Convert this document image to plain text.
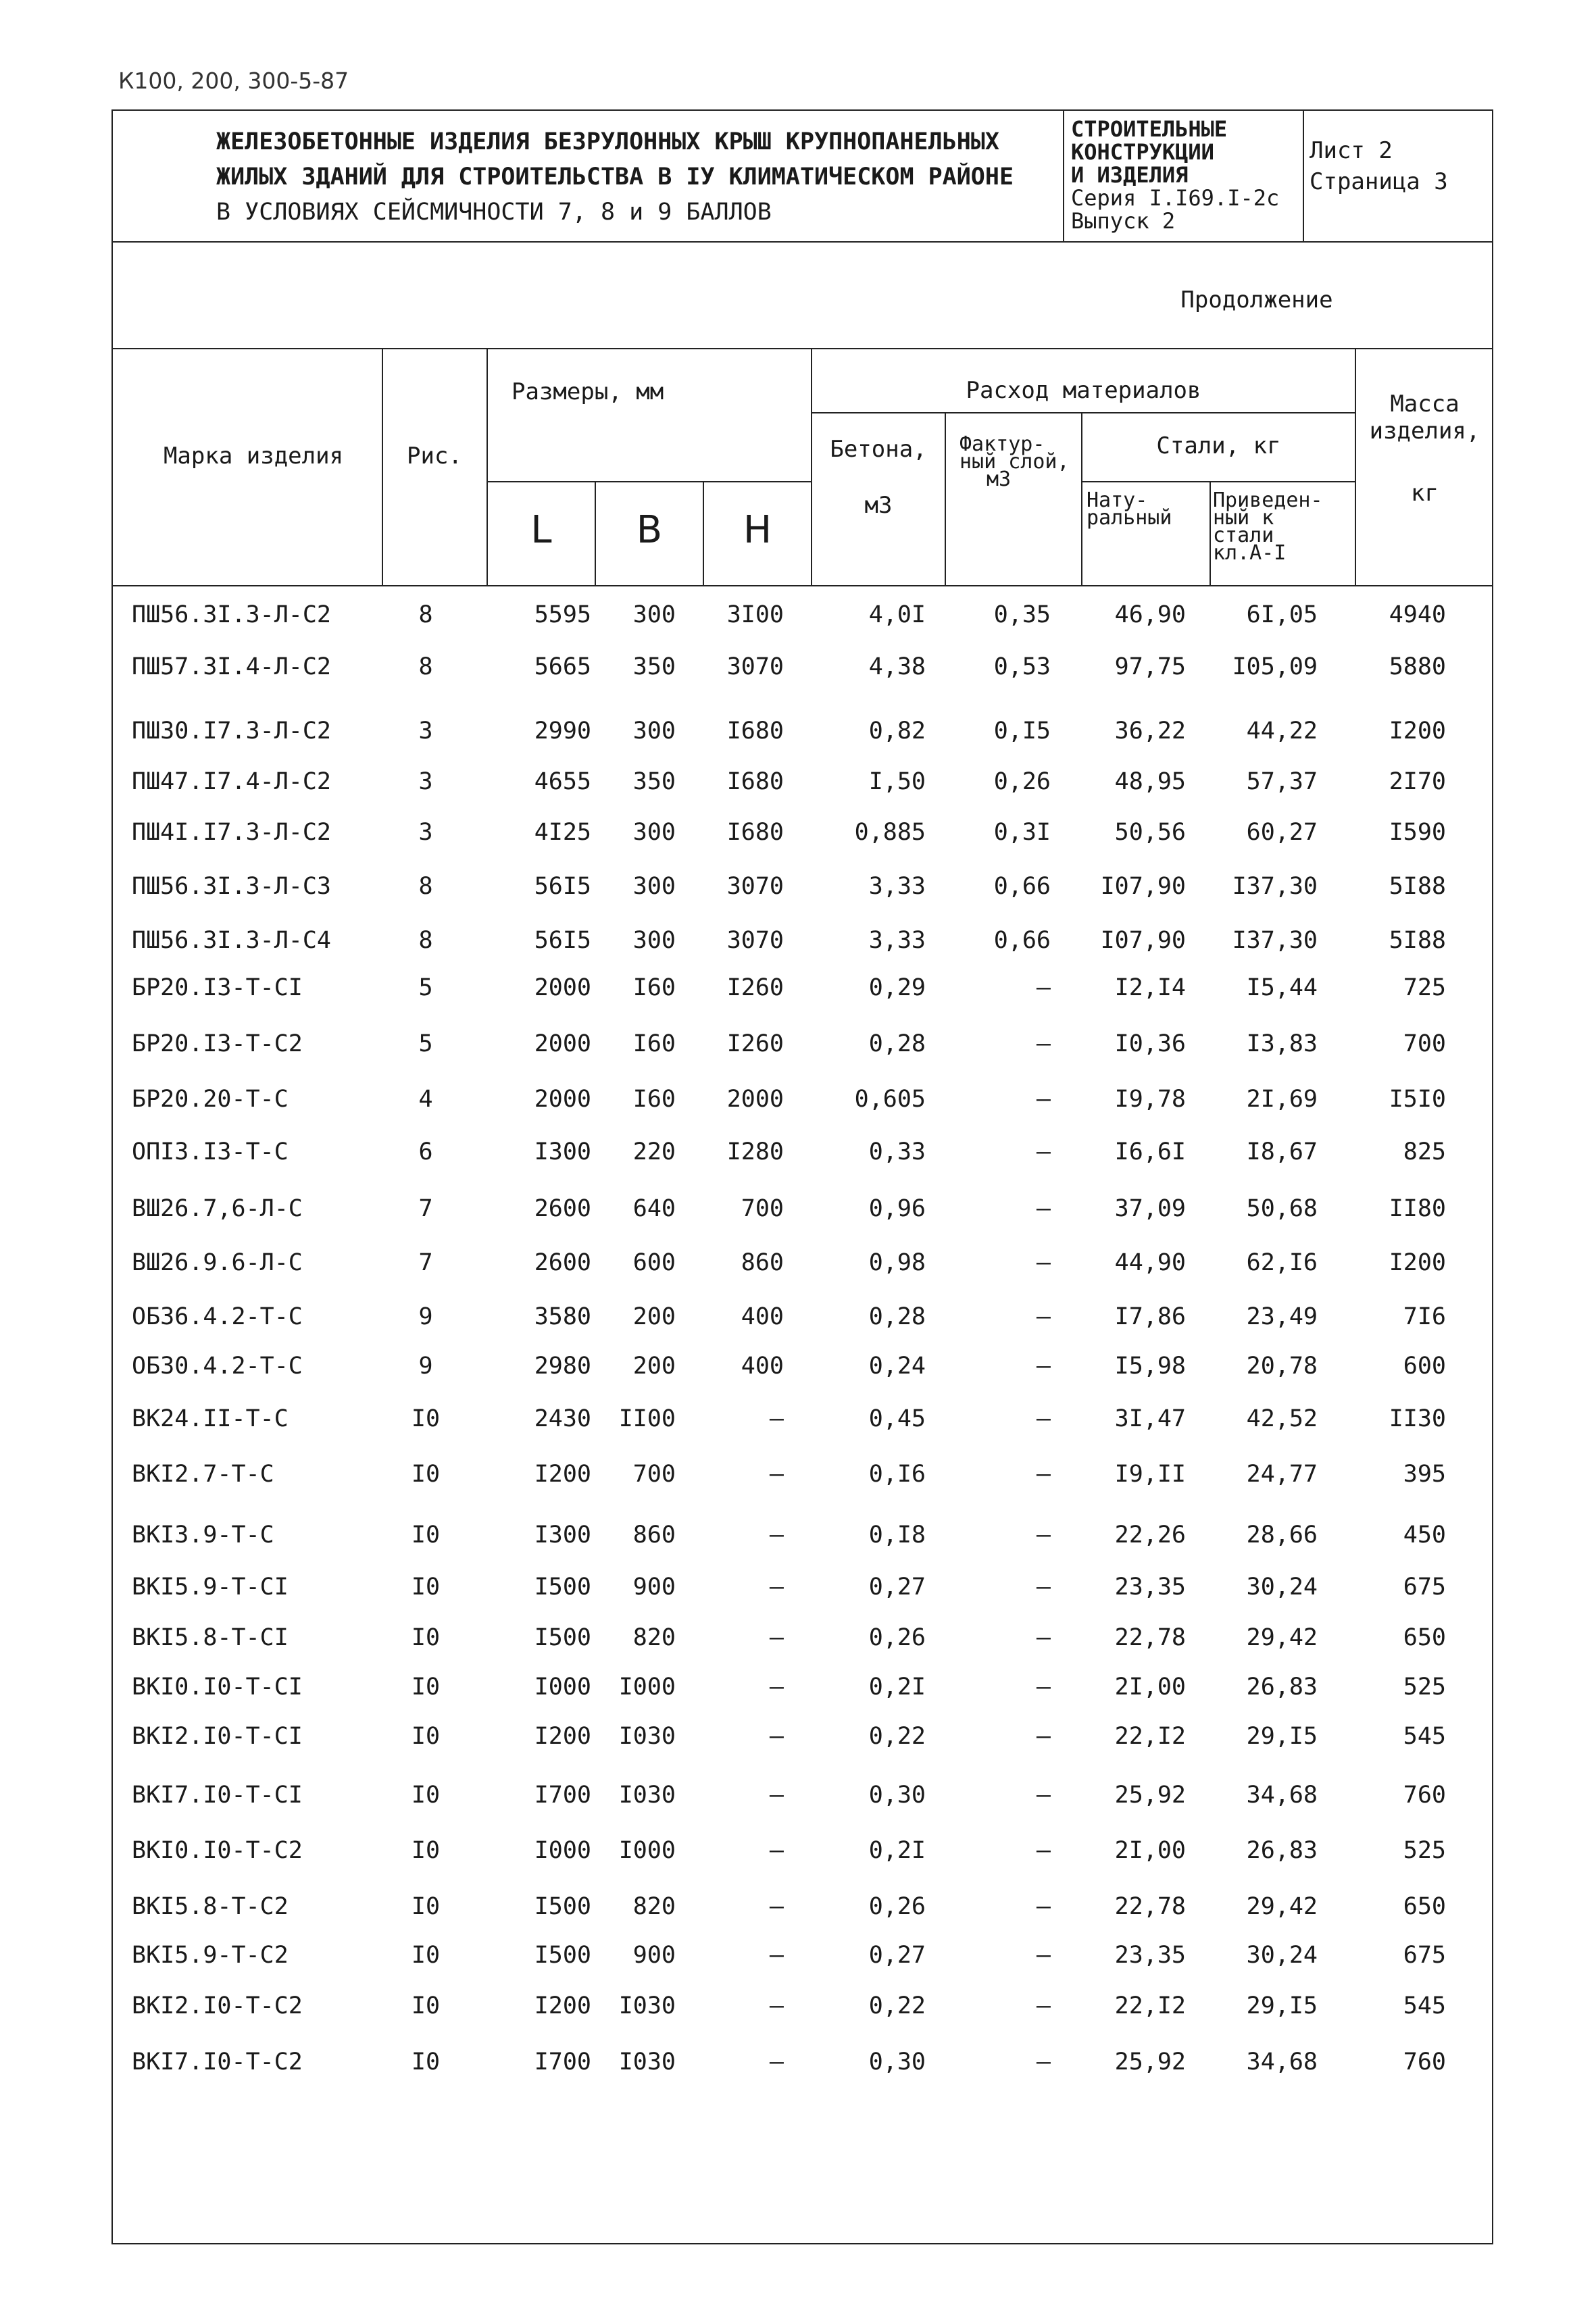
К100, 200, 300-5-87
ЖЕЛЕЗОБЕТОННЫЕ ИЗДЕЛИЯ БЕЗРУЛОННЫХ КРЫШ КРУПНОПАНЕЛЬНЫХ
ЖИЛЫХ ЗДАНИЙ ДЛЯ СТРОИТЕЛЬСТВА В IУ КЛИМАТИЧЕСКОМ РАЙОНЕ
В УСЛОВИЯХ СЕЙСМИЧНОСТИ 7, 8 и 9 БАЛЛОВ
СТРОИТЕЛЬНЫЕ
КОНСТРУКЦИИ
И ИЗДЕЛИЯ
Серия I.I69.I-2с
Выпуск 2
Лист 2
Страница 3
Продолжение
Марка изделия	Рис.
Размеры, мм
L	B	H
Расход материалов
Бетона,
м3
Фактур-
ный слой,
м3
Стали, кг
Нату-
ральный
Приведен-
ный к
стали
кл.А-I
Масса
изделия,
кг
ПШ56.3I.3-Л-С2	8	5595	300	3I00	4,0I	0,35	46,90	6I,05	4940
ПШ57.3I.4-Л-С2	8	5665	350	3070	4,38	0,53	97,75	I05,09	5880
ПШ30.I7.3-Л-С2	3	2990	300	I680	0,82	0,I5	36,22	44,22	I200
ПШ47.I7.4-Л-С2	3	4655	350	I680	I,50	0,26	48,95	57,37	2I70
ПШ4I.I7.3-Л-С2	3	4I25	300	I680	0,885	0,3I	50,56	60,27	I590
ПШ56.3I.3-Л-С3	8	56I5	300	3070	3,33	0,66	I07,90	I37,30	5I88
ПШ56.3I.3-Л-С4	8	56I5	300	3070	3,33	0,66	I07,90	I37,30	5I88
БР20.I3-Т-СI	5	2000	I60	I260	0,29	–	I2,I4	I5,44	725
БР20.I3-Т-С2	5	2000	I60	I260	0,28	–	I0,36	I3,83	700
БР20.20-Т-С	4	2000	I60	2000	0,605	–	I9,78	2I,69	I5I0
ОПI3.I3-Т-С	6	I300	220	I280	0,33	–	I6,6I	I8,67	825
ВШ26.7,6-Л-С	7	2600	640	700	0,96	–	37,09	50,68	II80
ВШ26.9.6-Л-С	7	2600	600	860	0,98	–	44,90	62,I6	I200
ОБ36.4.2-Т-С	9	3580	200	400	0,28	–	I7,86	23,49	7I6
ОБ30.4.2-Т-С	9	2980	200	400	0,24	–	I5,98	20,78	600
ВК24.II-Т-С	I0	2430	II00	–	0,45	–	3I,47	42,52	II30
ВКI2.7-Т-С	I0	I200	700	–	0,I6	–	I9,II	24,77	395
ВКI3.9-Т-С	I0	I300	860	–	0,I8	–	22,26	28,66	450
ВКI5.9-Т-СI	I0	I500	900	–	0,27	–	23,35	30,24	675
ВКI5.8-Т-СI	I0	I500	820	–	0,26	–	22,78	29,42	650
ВКI0.I0-Т-СI	I0	I000	I000	–	0,2I	–	2I,00	26,83	525
ВКI2.I0-Т-СI	I0	I200	I030	–	0,22	–	22,I2	29,I5	545
ВКI7.I0-Т-СI	I0	I700	I030	–	0,30	–	25,92	34,68	760
ВКI0.I0-Т-С2	I0	I000	I000	–	0,2I	–	2I,00	26,83	525
ВКI5.8-Т-С2	I0	I500	820	–	0,26	–	22,78	29,42	650
ВКI5.9-Т-С2	I0	I500	900	–	0,27	–	23,35	30,24	675
ВКI2.I0-Т-С2	I0	I200	I030	–	0,22	–	22,I2	29,I5	545
ВКI7.I0-Т-С2	I0	I700	I030	–	0,30	–	25,92	34,68	760
